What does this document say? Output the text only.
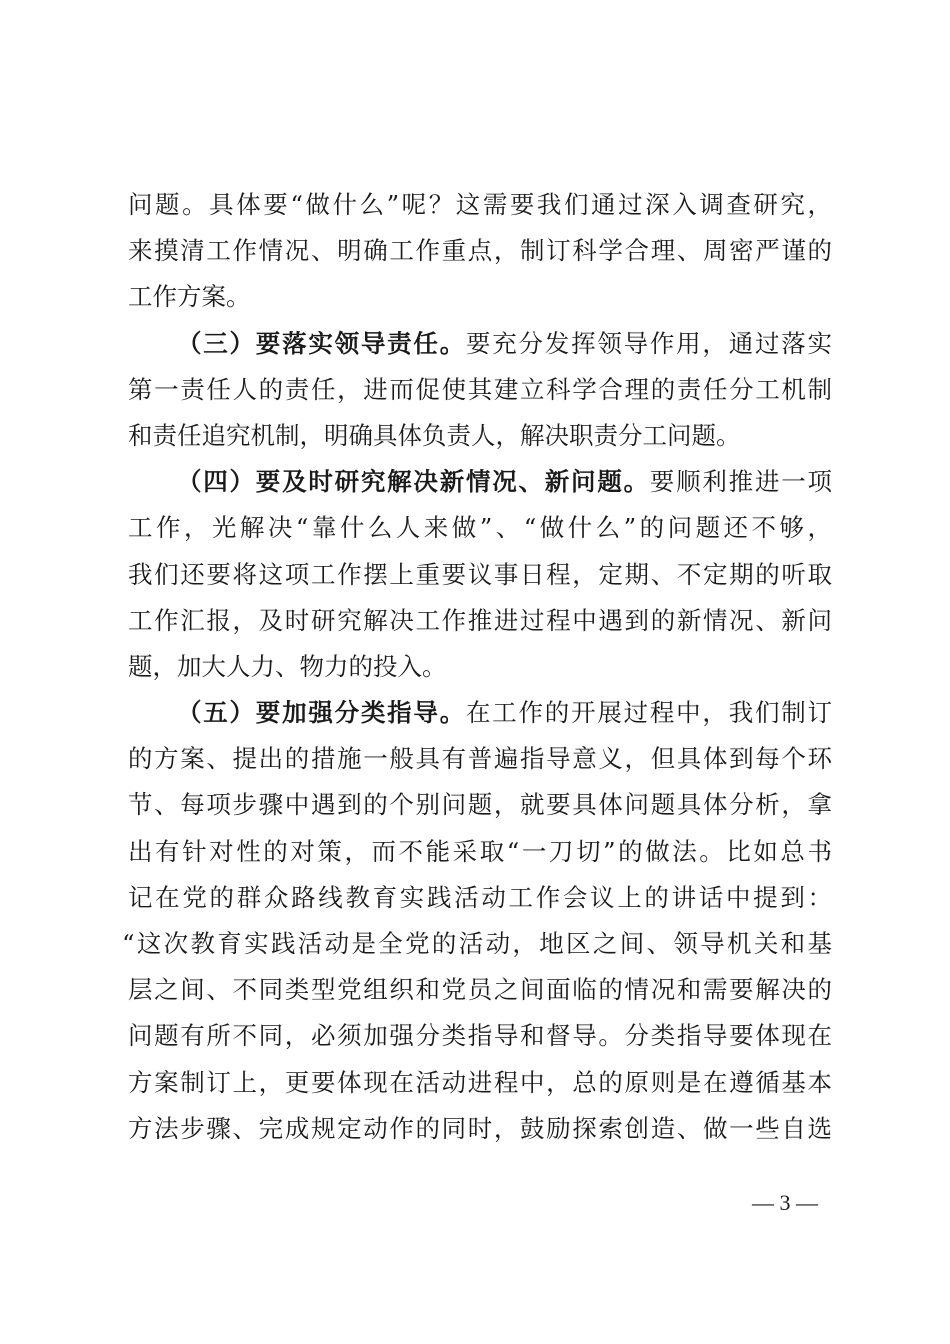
问题。具体要“做什么”呢？这需要我们通过深入调查研究，
来摸清工作情况、明确工作重点，制订科学合理、周密严谨的
工作方案。
（三）要落实领导责任。要充分发挥领导作用，通过落实
第一责任人的责任，进而促使其建立科学合理的责任分工机制
和责任追究机制，明确具体负责人，解决职责分工问题。
（四）要及时研究解决新情况、新问题。要顺利推进一项
工作，光解决“靠什么人来做”、“做什么”的问题还不够，
我们还要将这项工作摆上重要议事日程，定期、不定期的听取
工作汇报，及时研究解决工作推进过程中遇到的新情况、新问
题，加大人力、物力的投入。
（五）要加强分类指导。在工作的开展过程中，我们制订
的方案、提出的措施一般具有普遍指导意义，但具体到每个环
节、每项步骤中遇到的个别问题，就要具体问题具体分析，拿
出有针对性的对策，而不能采取“一刀切”的做法。比如总书
记在党的群众路线教育实践活动工作会议上的讲话中提到：
“这次教育实践活动是全党的活动，地区之间、领导机关和基
层之间、不同类型党组织和党员之间面临的情况和需要解决的
问题有所不同，必须加强分类指导和督导。分类指导要体现在
方案制订上，更要体现在活动进程中，总的原则是在遵循基本
方法步骤、完成规定动作的同时，鼓励探索创造、做一些自选
— 3 —
